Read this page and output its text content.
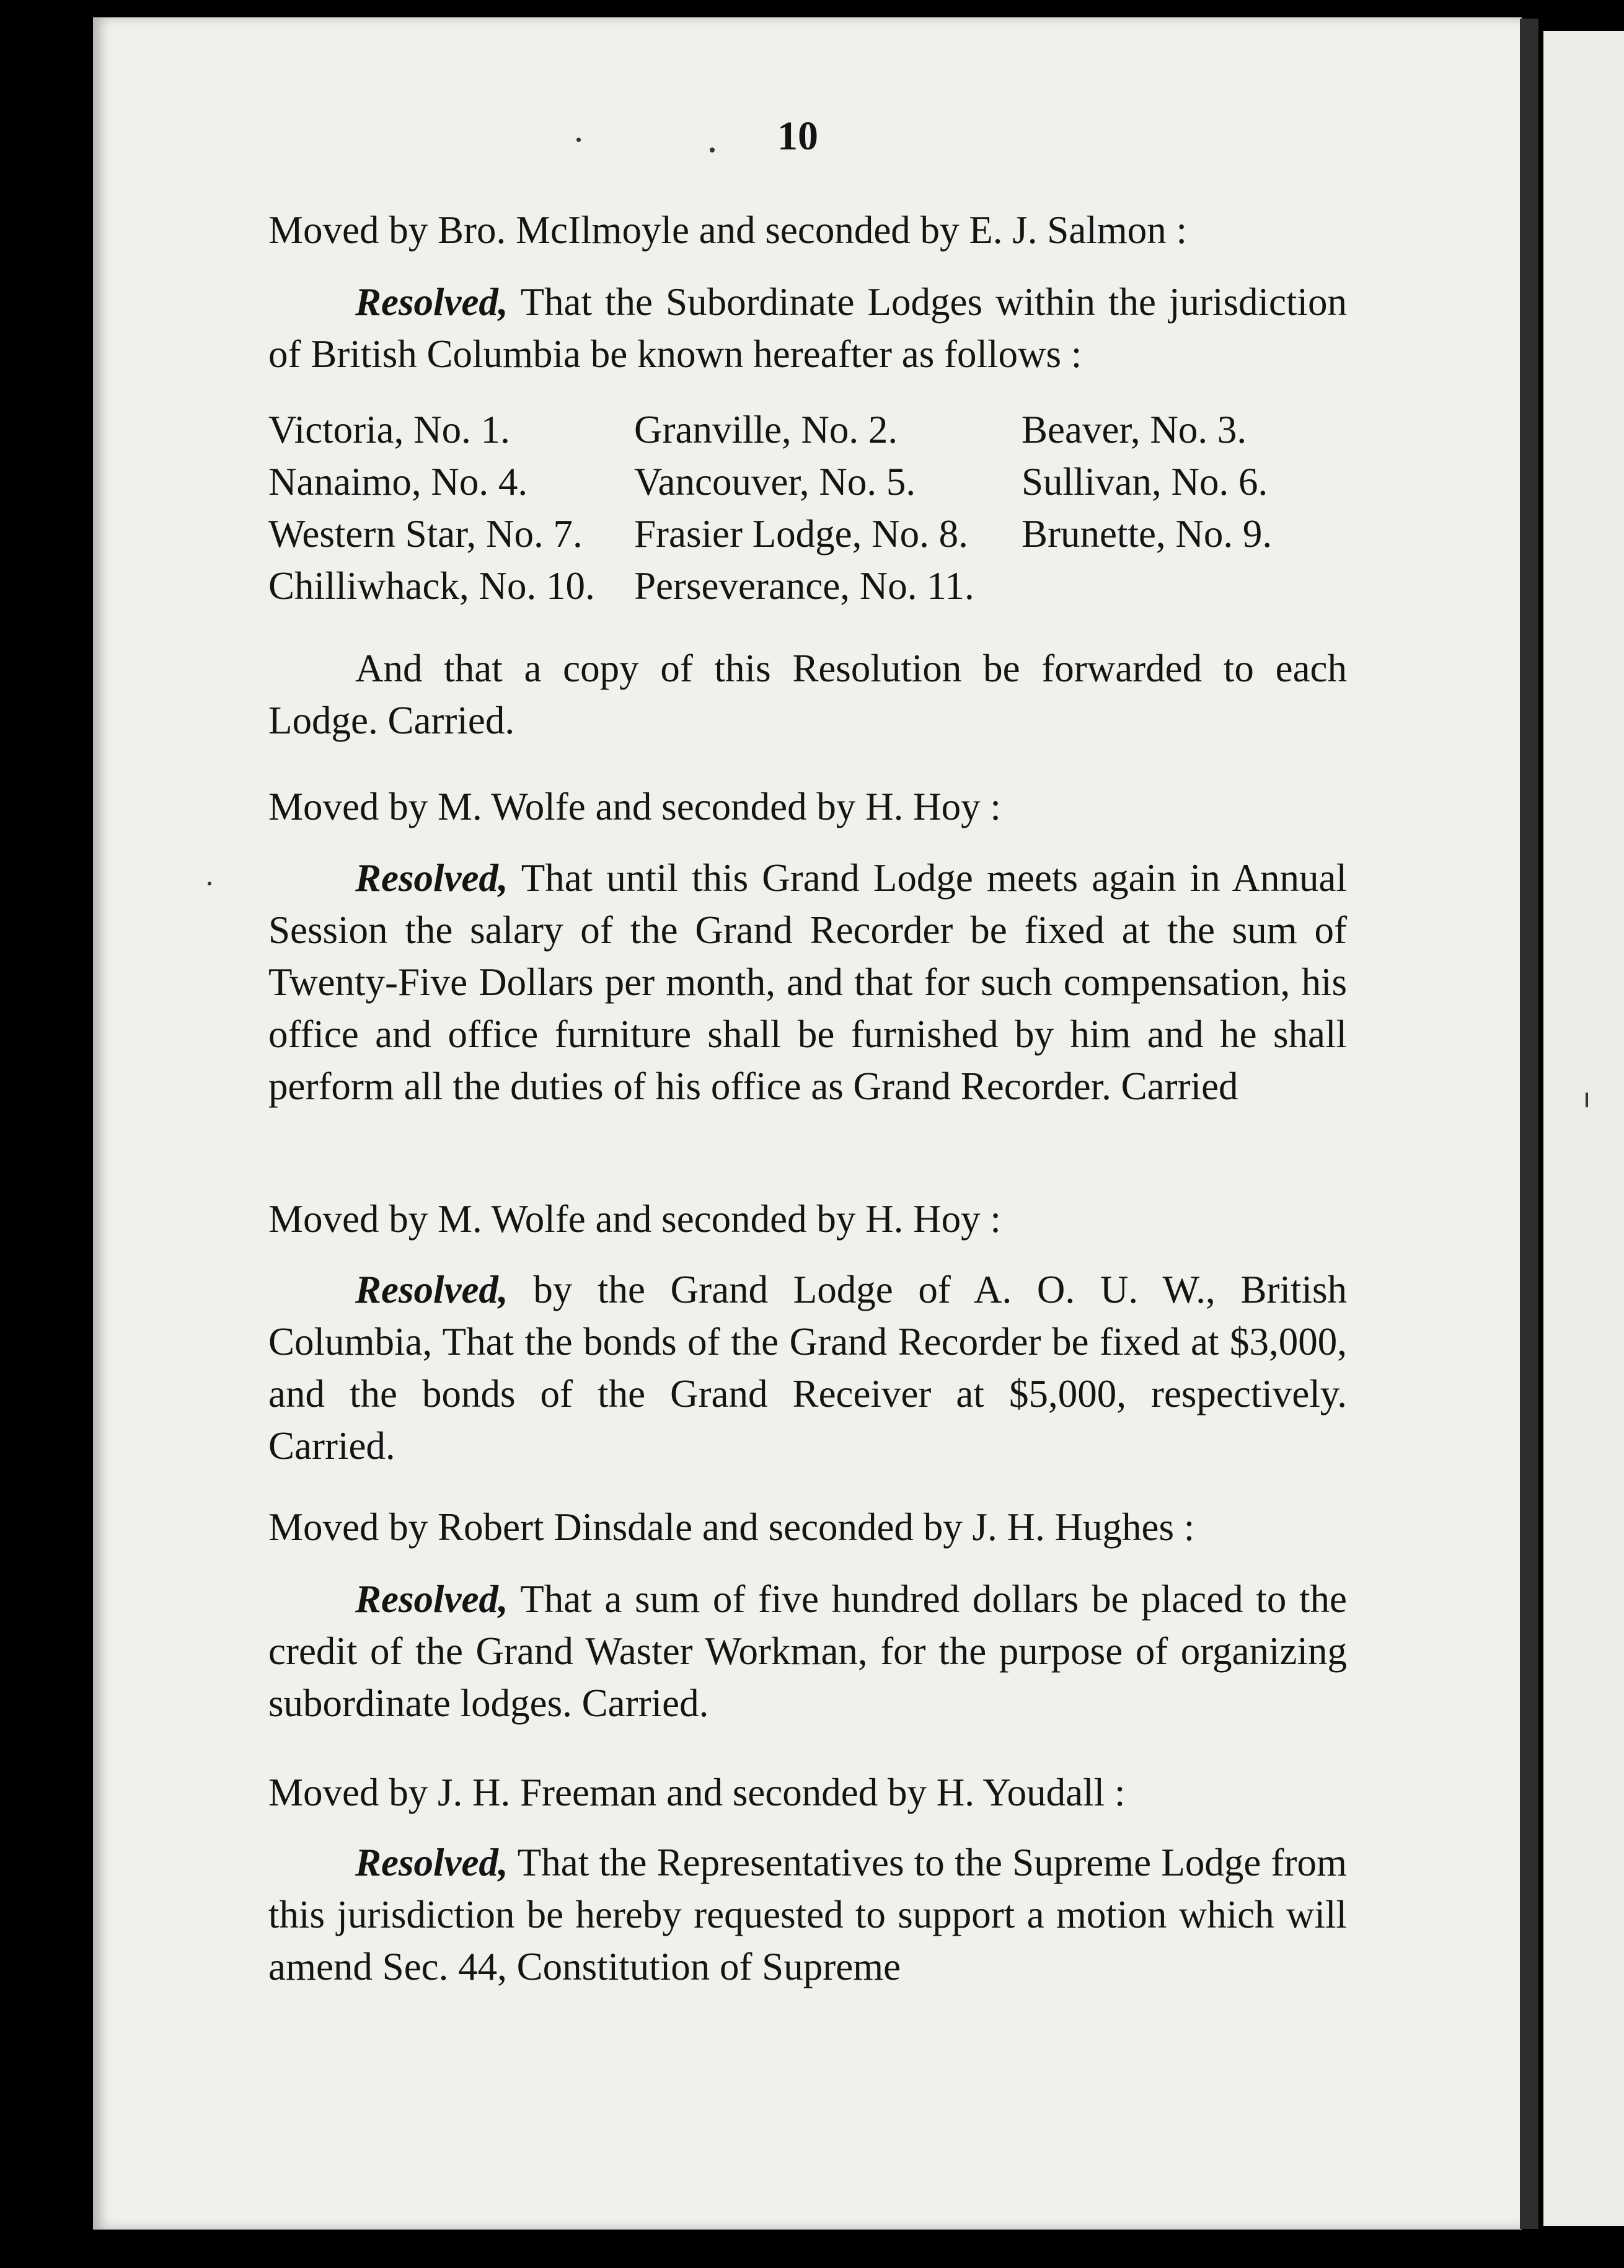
10
Moved by Bro. McIlmoyle and seconded by E. J. Salmon :
Resolved, That the Subordinate Lodges within the jurisdiction of British Columbia be known hereafter as follows :
Victoria, No. 1.	Granville, No. 2.	Beaver, No. 3.
Nanaimo, No. 4.	Vancouver, No. 5.	Sullivan, No. 6.
Western Star, No. 7. Frasier Lodge, No. 8. Brunette, No. 9.
Chilliwhack, No. 10. Perseverance, No. 11.
And that a copy of this Resolution be forwarded to each Lodge. Carried.
Moved by M. Wolfe and seconded by H. Hoy :
Resolved, That until this Grand Lodge meets again in Annual Session the salary of the Grand Recorder be fixed at the sum of Twenty-Five Dollars per month, and that for such compensation, his office and office furniture shall be furnished by him and he shall perform all the duties of his office as Grand Recorder. Carried
Moved by M. Wolfe and seconded by H. Hoy :
Resolved, by the Grand Lodge of A. O. U. W., British Columbia, That the bonds of the Grand Recorder be fixed at $3,000, and the bonds of the Grand Receiver at $5,000, respectively. Carried.
Moved by Robert Dinsdale and seconded by J. H. Hughes :
Resolved, That a sum of five hundred dollars be placed to the credit of the Grand Waster Workman, for the purpose of organizing subordinate lodges. Carried.
Moved by J. H. Freeman and seconded by H. Youdall :
Resolved, That the Representatives to the Supreme Lodge from this jurisdiction be hereby requested to support a motion which will amend Sec. 44, Constitution of Supreme
